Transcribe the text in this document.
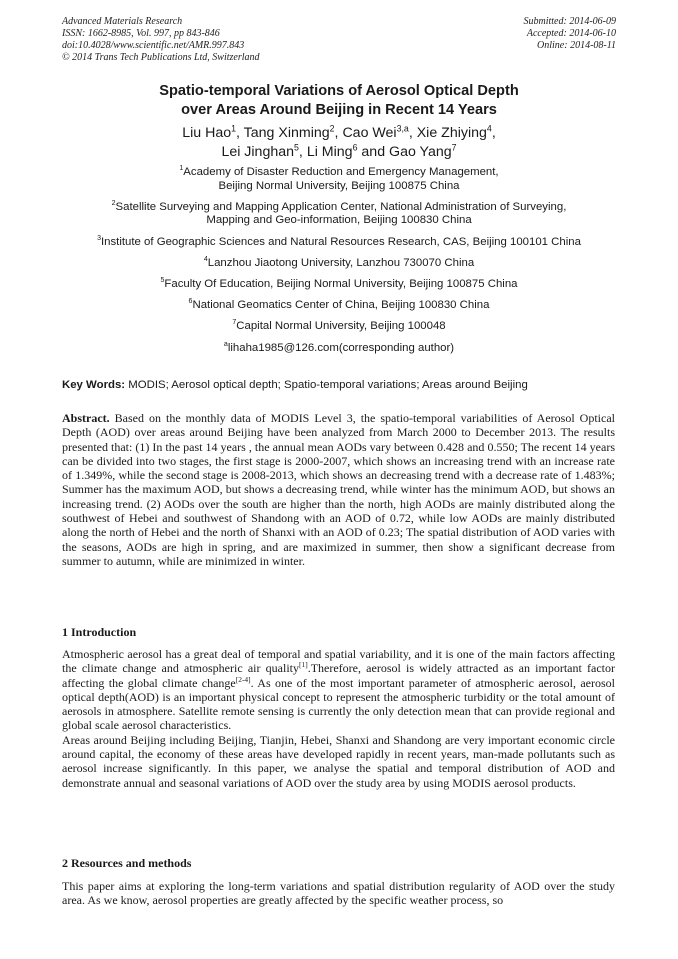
Advanced Materials Research
ISSN: 1662-8985, Vol. 997, pp 843-846
doi:10.4028/www.scientific.net/AMR.997.843
© 2014 Trans Tech Publications Ltd, Switzerland
Submitted: 2014-06-09
Accepted: 2014-06-10
Online: 2014-08-11
Spatio-temporal Variations of Aerosol Optical Depth
over Areas Around Beijing in Recent 14 Years
Liu Hao$^1$, Tang Xinming$^2$, Cao Wei$^{3,a}$, Xie Zhiying$^4$,
Lei Jinghan$^5$, Li Ming$^6$ and Gao Yang$^7$
$^1$Academy of Disaster Reduction and Emergency Management,
Beijing Normal University, Beijing 100875 China
$^2$Satellite Surveying and Mapping Application Center, National Administration of Surveying,
Mapping and Geo-information, Beijing 100830 China
$^3$Institute of Geographic Sciences and Natural Resources Research, CAS, Beijing 100101 China
$^4$Lanzhou Jiaotong University, Lanzhou 730070 China
$^5$Faculty Of Education, Beijing Normal University, Beijing 100875 China
$^6$National Geomatics Center of China, Beijing 100830 China
$^7$Capital Normal University, Beijing 100048
$^a$lihaha1985@126.com(corresponding author)
Key Words: MODIS; Aerosol optical depth; Spatio-temporal variations; Areas around Beijing

Abstract. Based on the monthly data of MODIS Level 3, the spatio-temporal variabilities of Aerosol Optical Depth (AOD) over areas around Beijing have been analyzed from March 2000 to December 2013. The results presented that: (1) In the past 14 years , the annual mean AODs vary between 0.428 and 0.550; The recent 14 years can be divided into two stages, the first stage is 2000-2007, which shows an increasing trend with an increase rate of 1.349%, while the second stage is 2008-2013, which shows an decreasing trend with a decrease rate of 1.483%; Summer has the maximum AOD, but shows a decreasing trend, while winter has the minimum AOD, but shows an increasing trend. (2) AODs over the south are higher than the north, high AODs are mainly distributed along the southwest of Hebei and southwest of Shandong with an AOD of 0.72, while low AODs are mainly distributed along the north of Hebei and the north of Shanxi with an AOD of 0.23; The spatial distribution of AOD varies with the seasons, AODs are high in spring, and are maximized in summer, then show a significant decrease from summer to autumn, while are minimized in winter.

1 Introduction

Atmospheric aerosol has a great deal of temporal and spatial variability, and it is one of the main factors affecting the climate change and atmospheric air quality[1].Therefore, aerosol is widely attracted as an important factor affecting the global climate change[2-4]. As one of the most important parameter of atmospheric aerosol, aerosol optical depth(AOD) is an important physical concept to represent the atmospheric turbidity or the total amount of aerosols in atmosphere. Satellite remote sensing is currently the only detection mean that can provide regional and global scale aerosol characteristics.

Areas around Beijing including Beijing, Tianjin, Hebei, Shanxi and Shandong are very important economic circle around capital, the economy of these areas have developed rapidly in recent years, man-made pollutants such as aerosol increase significantly. In this paper, we analyse the spatial and temporal distribution of AOD and demonstrate annual and seasonal variations of AOD over the study area by using MODIS aerosol products.

2 Resources and methods

This paper aims at exploring the long-term variations and spatial distribution regularity of AOD over the study area. As we know, aerosol properties are greatly affected by the specific weather process, so
